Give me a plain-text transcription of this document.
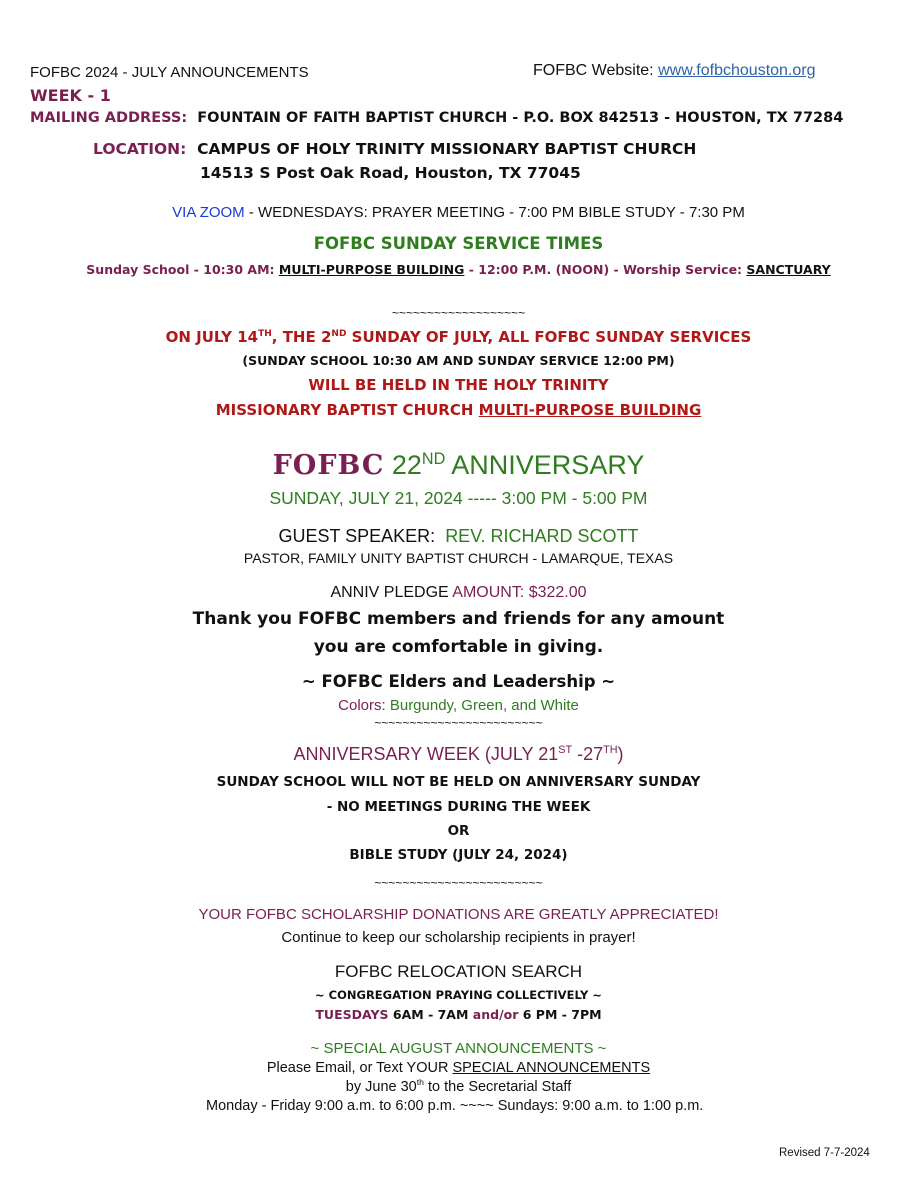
FOFBC 2024 - JULY ANNOUNCEMENTS	FOFBC Website: www.fofbchouston.org
WEEK - 1
MAILING ADDRESS: FOUNTAIN OF FAITH BAPTIST CHURCH - P.O. BOX 842513 - HOUSTON, TX 77284
LOCATION: CAMPUS OF HOLY TRINITY MISSIONARY BAPTIST CHURCH
14513 S Post Oak Road, Houston, TX 77045
VIA ZOOM - WEDNESDAYS: PRAYER MEETING - 7:00 PM BIBLE STUDY - 7:30 PM
FOFBC SUNDAY SERVICE TIMES
Sunday School - 10:30 AM: MULTI-PURPOSE BUILDING - 12:00 P.M. (NOON) - Worship Service: SANCTUARY
~~~~~~~~~~~~~~~~~~~
ON JULY 14TH, THE 2ND SUNDAY OF JULY, ALL FOFBC SUNDAY SERVICES
(SUNDAY SCHOOL 10:30 AM AND SUNDAY SERVICE 12:00 PM)
WILL BE HELD IN THE HOLY TRINITY
MISSIONARY BAPTIST CHURCH MULTI-PURPOSE BUILDING
FOFBC 22ND ANNIVERSARY
SUNDAY, JULY 21, 2024 ----- 3:00 PM - 5:00 PM
GUEST SPEAKER: REV. RICHARD SCOTT
PASTOR, FAMILY UNITY BAPTIST CHURCH - LAMARQUE, TEXAS
ANNIV PLEDGE AMOUNT: $322.00
Thank you FOFBC members and friends for any amount
you are comfortable in giving.
~ FOFBC Elders and Leadership ~
Colors: Burgundy, Green, and White
~~~~~~~~~~~~~~~~~~~~~~~~
ANNIVERSARY WEEK (JULY 21ST -27TH)
SUNDAY SCHOOL WILL NOT BE HELD ON ANNIVERSARY SUNDAY
- NO MEETINGS DURING THE WEEK
OR
BIBLE STUDY (JULY 24, 2024)
~~~~~~~~~~~~~~~~~~~~~~~~
YOUR FOFBC SCHOLARSHIP DONATIONS ARE GREATLY APPRECIATED!
Continue to keep our scholarship recipients in prayer!
FOFBC RELOCATION SEARCH
~ CONGREGATION PRAYING COLLECTIVELY ~
TUESDAYS 6AM - 7AM and/or 6 PM - 7PM
~ SPECIAL AUGUST ANNOUNCEMENTS ~
Please Email, or Text YOUR SPECIAL ANNOUNCEMENTS
by June 30th to the Secretarial Staff
Monday - Friday 9:00 a.m. to 6:00 p.m. ~~~~ Sundays: 9:00 a.m. to 1:00 p.m.
Revised 7-7-2024
